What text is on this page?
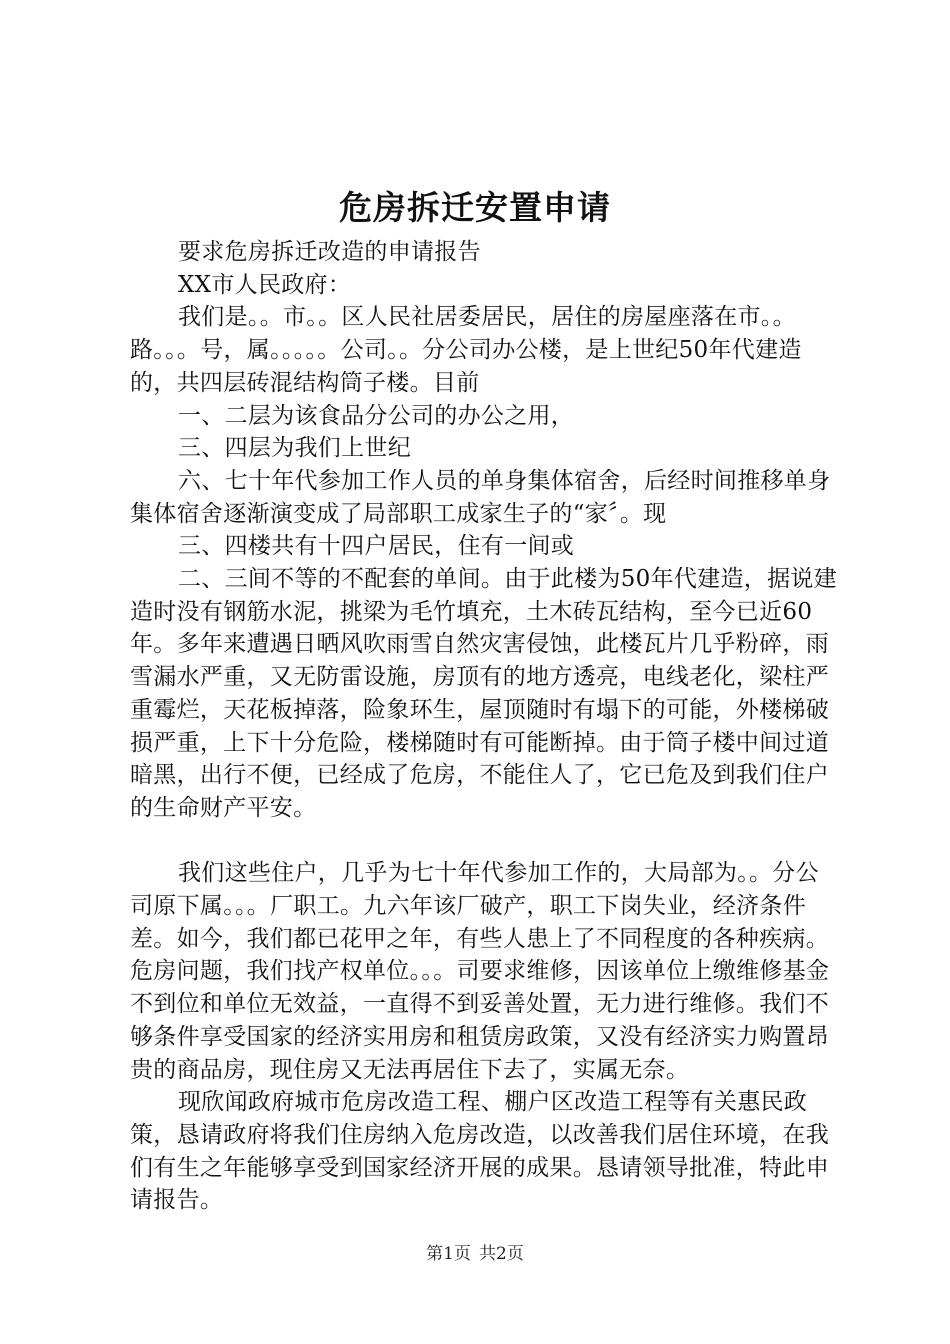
危房拆迁安置申请

要求危房拆迁改造的申请报告

XX市人民政府：

我们是。。市。。区人民社居委居民，居住的房屋座落在市。。路。。。号，属。。。。。公司。。分公司办公楼，是上世纪50年代建造的，共四层砖混结构筒子楼。目前

一、二层为该食品分公司的办公之用，

三、四层为我们上世纪

六、七十年代参加工作人员的单身集体宿舍，后经时间推移单身集体宿舍逐渐演变成了局部职工成家生子的“家〞。现

三、四楼共有十四户居民，住有一间或

二、三间不等的不配套的单间。由于此楼为50年代建造，据说建造时没有钢筋水泥，挑梁为毛竹填充，土木砖瓦结构，至今已近60年。多年来遭遇日晒风吹雨雪自然灾害侵蚀，此楼瓦片几乎粉碎，雨雪漏水严重，又无防雷设施，房顶有的地方透亮，电线老化，梁柱严重霉烂，天花板掉落，险象环生，屋顶随时有塌下的可能，外楼梯破损严重，上下十分危险，楼梯随时有可能断掉。由于筒子楼中间过道暗黑，出行不便，已经成了危房，不能住人了，它已危及到我们住户的生命财产平安。

我们这些住户，几乎为七十年代参加工作的，大局部为。。分公司原下属。。。厂职工。九六年该厂破产，职工下岗失业，经济条件差。如今，我们都已花甲之年，有些人患上了不同程度的各种疾病。危房问题，我们找产权单位。。。司要求维修，因该单位上缴维修基金不到位和单位无效益，一直得不到妥善处置，无力进行维修。我们不够条件享受国家的经济实用房和租赁房政策，又没有经济实力购置昂贵的商品房，现住房又无法再居住下去了，实属无奈。

现欣闻政府城市危房改造工程、棚户区改造工程等有关惠民政策，恳请政府将我们住房纳入危房改造，以改善我们居住环境，在我们有生之年能够享受到国家经济开展的成果。恳请领导批准，特此申请报告。

第1页 共2页
